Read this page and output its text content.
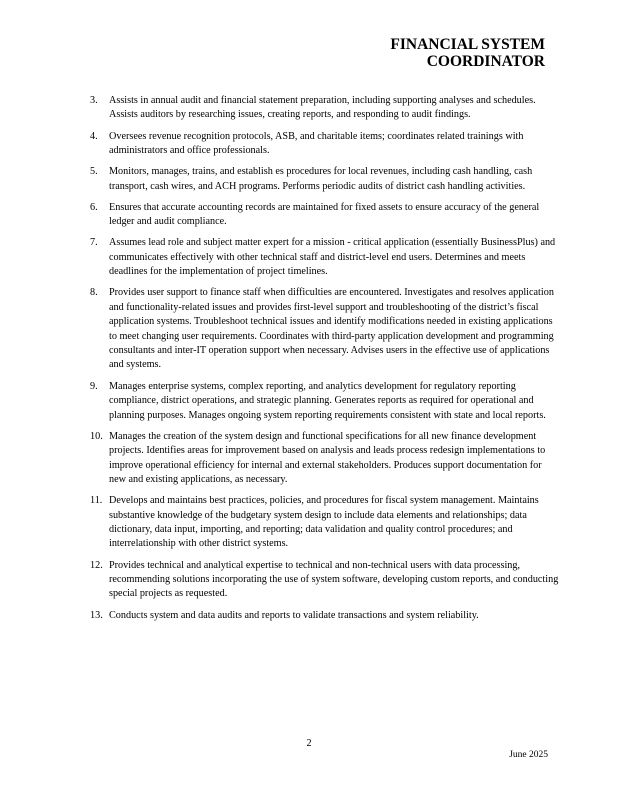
FINANCIAL SYSTEM
COORDINATOR
3. Assists in annual audit and financial statement preparation, including supporting analyses and schedules. Assists auditors by researching issues, creating reports, and responding to audit findings.
4. Oversees revenue recognition protocols, ASB, and charitable items; coordinates related trainings with administrators and office professionals.
5. Monitors, manages, trains, and establish es procedures for local revenues, including cash handling, cash transport, cash wires, and ACH programs. Performs periodic audits of district cash handling activities.
6. Ensures that accurate accounting records are maintained for fixed assets to ensure accuracy of the general ledger and audit compliance.
7. Assumes lead role and subject matter expert for a mission - critical application (essentially BusinessPlus) and communicates effectively with other technical staff and district-level end users. Determines and meets deadlines for the implementation of project timelines.
8. Provides user support to finance staff when difficulties are encountered. Investigates and resolves application and functionality-related issues and provides first-level support and troubleshooting of the district’s fiscal application systems. Troubleshoot technical issues and identify modifications needed in existing applications to meet changing user requirements. Coordinates with third-party application development and programming consultants and inter-IT operation support when necessary. Advises users in the effective use of applications and systems.
9. Manages enterprise systems, complex reporting, and analytics development for regulatory reporting compliance, district operations, and strategic planning. Generates reports as required for operational and planning purposes. Manages ongoing system reporting requirements consistent with state and local reports.
10. Manages the creation of the system design and functional specifications for all new finance development projects. Identifies areas for improvement based on analysis and leads process redesign implementations to improve operational efficiency for internal and external stakeholders. Produces support documentation for new and existing applications, as necessary.
11. Develops and maintains best practices, policies, and procedures for fiscal system management. Maintains substantive knowledge of the budgetary system design to include data elements and relationships; data dictionary, data input, importing, and reporting; data validation and quality control procedures; and interrelationship with other district systems.
12. Provides technical and analytical expertise to technical and non-technical users with data processing, recommending solutions incorporating the use of system software, developing custom reports, and conducting special projects as requested.
13. Conducts system and data audits and reports to validate transactions and system reliability.
2
June 2025
